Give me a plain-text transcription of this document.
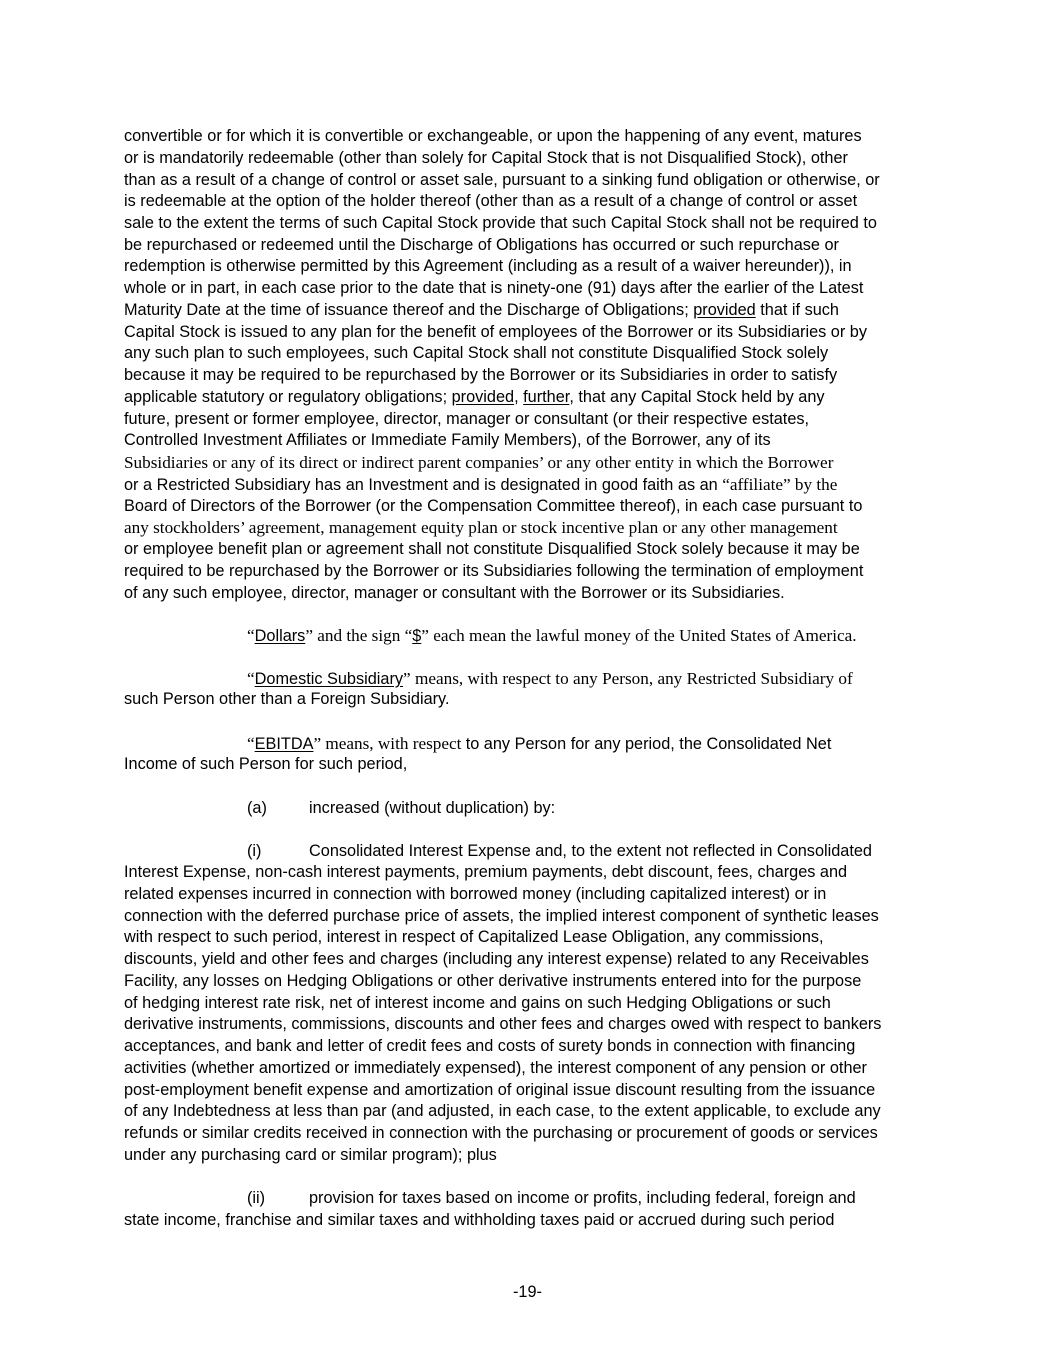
convertible or for which it is convertible or exchangeable, or upon the happening of any event, matures
or is mandatorily redeemable (other than solely for Capital Stock that is not Disqualified Stock), other
than as a result of a change of control or asset sale, pursuant to a sinking fund obligation or otherwise, or
is redeemable at the option of the holder thereof (other than as a result of a change of control or asset
sale to the extent the terms of such Capital Stock provide that such Capital Stock shall not be required to
be repurchased or redeemed until the Discharge of Obligations has occurred or such repurchase or
redemption is otherwise permitted by this Agreement (including as a result of a waiver hereunder)), in
whole or in part, in each case prior to the date that is ninety-one (91) days after the earlier of the Latest
Maturity Date at the time of issuance thereof and the Discharge of Obligations; provided that if such
Capital Stock is issued to any plan for the benefit of employees of the Borrower or its Subsidiaries or by
any such plan to such employees, such Capital Stock shall not constitute Disqualified Stock solely
because it may be required to be repurchased by the Borrower or its Subsidiaries in order to satisfy
applicable statutory or regulatory obligations; provided, further, that any Capital Stock held by any
future, present or former employee, director, manager or consultant (or their respective estates,
Controlled Investment Affiliates or Immediate Family Members), of the Borrower, any of its
Subsidiaries or any of its direct or indirect parent companies’ or any other entity in which the Borrower
or a Restricted Subsidiary has an Investment and is designated in good faith as an “affiliate” by the
Board of Directors of the Borrower (or the Compensation Committee thereof), in each case pursuant to
any stockholders’ agreement, management equity plan or stock incentive plan or any other management
or employee benefit plan or agreement shall not constitute Disqualified Stock solely because it may be
required to be repurchased by the Borrower or its Subsidiaries following the termination of employment
of any such employee, director, manager or consultant with the Borrower or its Subsidiaries.
“Dollars” and the sign “$” each mean the lawful money of the United States of America.
“Domestic Subsidiary” means, with respect to any Person, any Restricted Subsidiary of
such Person other than a Foreign Subsidiary.
“EBITDA” means, with respect to any Person for any period, the Consolidated Net
Income of such Person for such period,
(a)	increased (without duplication) by:
(i)	Consolidated Interest Expense and, to the extent not reflected in Consolidated
Interest Expense, non-cash interest payments, premium payments, debt discount, fees, charges and
related expenses incurred in connection with borrowed money (including capitalized interest) or in
connection with the deferred purchase price of assets, the implied interest component of synthetic leases
with respect to such period, interest in respect of Capitalized Lease Obligation, any commissions,
discounts, yield and other fees and charges (including any interest expense) related to any Receivables
Facility, any losses on Hedging Obligations or other derivative instruments entered into for the purpose
of hedging interest rate risk, net of interest income and gains on such Hedging Obligations or such
derivative instruments, commissions, discounts and other fees and charges owed with respect to bankers
acceptances, and bank and letter of credit fees and costs of surety bonds in connection with financing
activities (whether amortized or immediately expensed), the interest component of any pension or other
post-employment benefit expense and amortization of original issue discount resulting from the issuance
of any Indebtedness at less than par (and adjusted, in each case, to the extent applicable, to exclude any
refunds or similar credits received in connection with the purchasing or procurement of goods or services
under any purchasing card or similar program); plus
(ii)	provision for taxes based on income or profits, including federal, foreign and
state income, franchise and similar taxes and withholding taxes paid or accrued during such period
-19-
